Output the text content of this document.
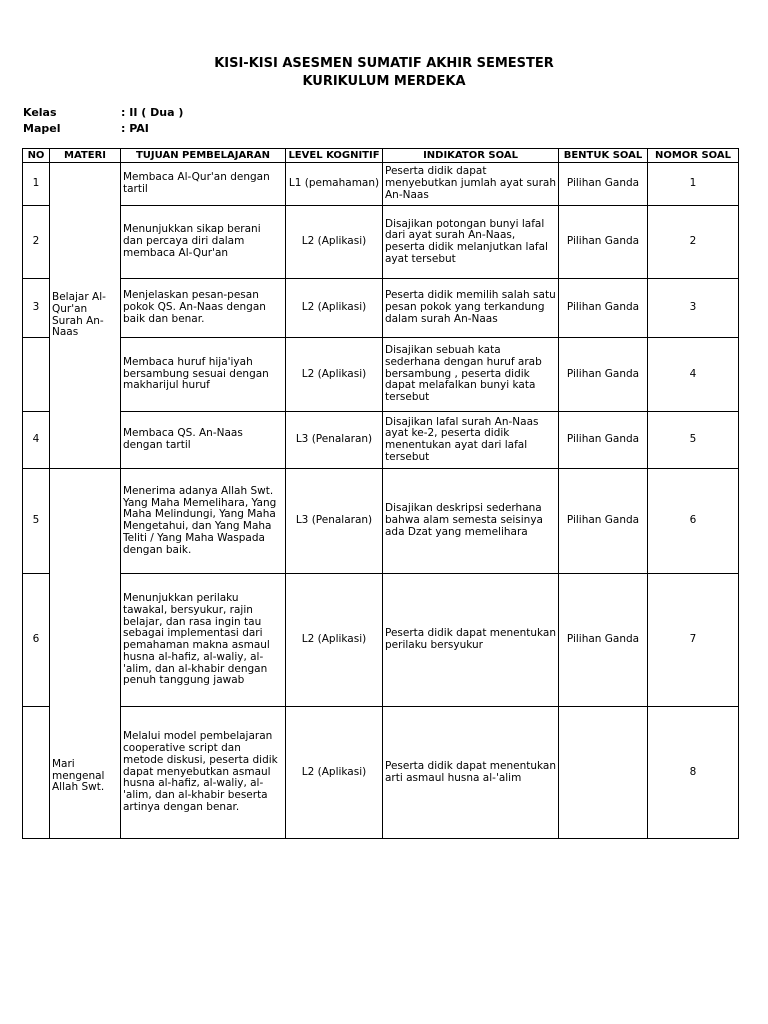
KISI-KISI ASESMEN SUMATIF AKHIR SEMESTER
KURIKULUM MERDEKA
Kelas	: II ( Dua )
Mapel	: PAI
NO	MATERI	TUJUAN PEMBELAJARAN	LEVEL KOGNITIF	INDIKATOR SOAL	BENTUK SOAL	NOMOR SOAL
1	Belajar Al-Qur'an Surah An-Naas	Membaca Al-Qur'an dengan tartil	L1 (pemahaman)	Peserta didik dapat menyebutkan jumlah ayat surah An-Naas	Pilihan Ganda	1
2		Menunjukkan sikap berani dan percaya diri dalam membaca Al-Qur'an	L2 (Aplikasi)	Disajikan potongan bunyi lafal dari ayat surah An-Naas, peserta didik melanjutkan lafal ayat tersebut	Pilihan Ganda	2
3		Menjelaskan pesan-pesan pokok QS. An-Naas dengan baik dan benar.	L2 (Aplikasi)	Peserta didik memilih salah satu pesan pokok yang terkandung dalam surah An-Naas	Pilihan Ganda	3
		Membaca huruf hija'iyah bersambung sesuai dengan makharijul huruf	L2 (Aplikasi)	Disajikan sebuah kata sederhana dengan huruf arab bersambung , peserta didik dapat melafalkan bunyi kata tersebut	Pilihan Ganda	4
4		Membaca QS. An-Naas dengan tartil	L3 (Penalaran)	Disajikan lafal surah An-Naas ayat ke-2, peserta didik menentukan ayat dari lafal tersebut	Pilihan Ganda	5
5	Mari mengenal Allah Swt.	Menerima adanya Allah Swt. Yang Maha Memelihara, Yang Maha Melindungi, Yang Maha Mengetahui, dan Yang Maha Teliti / Yang Maha Waspada dengan baik.	L3 (Penalaran)	Disajikan deskripsi sederhana bahwa alam semesta seisinya ada Dzat yang memelihara	Pilihan Ganda	6
6		Menunjukkan perilaku tawakal, bersyukur, rajin belajar, dan rasa ingin tau sebagai implementasi dari pemahaman makna asmaul husna al-hafiz, al-waliy, al-'alim, dan al-khabir dengan penuh tanggung jawab	L2 (Aplikasi)	Peserta didik dapat menentukan perilaku bersyukur	Pilihan Ganda	7
		Melalui model pembelajaran cooperative script dan metode diskusi, peserta didik dapat menyebutkan asmaul husna al-hafiz, al-waliy, al-'alim, dan al-khabir beserta artinya dengan benar.	L2 (Aplikasi)	Peserta didik dapat menentukan arti asmaul husna al-'alim		8
